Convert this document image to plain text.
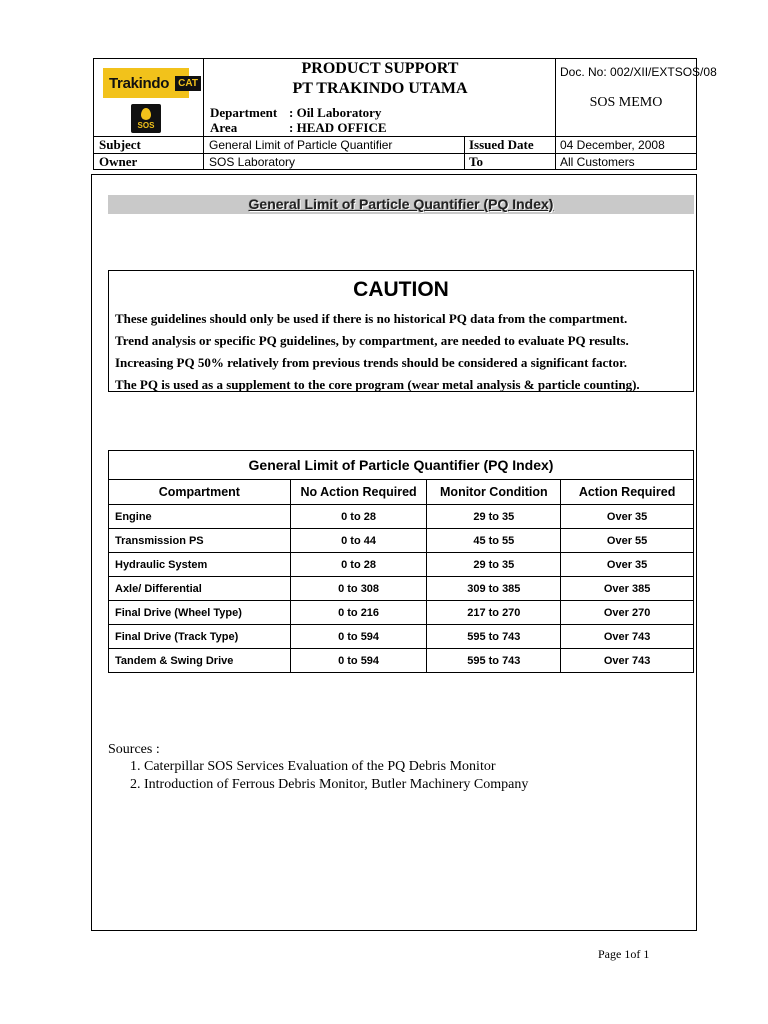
Trakindo CAT
SOS
PRODUCT SUPPORT
PT TRAKINDO UTAMA
Department : Oil Laboratory
Area	: HEAD OFFICE
Doc. No: 002/XII/EXTSOS/08
SOS MEMO
Subject	General Limit of Particle Quantifier	Issued Date 04 December, 2008
Owner	SOS Laboratory	To	All Customers
General Limit of Particle Quantifier (PQ Index)
CAUTION
These guidelines should only be used if there is no historical PQ data from the compartment.
Trend analysis or specific PQ guidelines, by compartment, are needed to evaluate PQ results.
Increasing PQ 50% relatively from previous trends should be considered a significant factor.
The PQ is used as a supplement to the core program (wear metal analysis & particle counting).
General Limit of Particle Quantifier (PQ Index)			
Compartment	No Action Required	Monitor Condition	Action Required
Engine	0 to 28	29 to 35	Over 35
Transmission PS	0 to 44	45 to 55	Over 55
Hydraulic System	0 to 28	29 to 35	Over 35
Axle/ Differential	0 to 308	309 to 385	Over 385
Final Drive (Wheel Type)	0 to 216	217 to 270	Over 270
Final Drive (Track Type)	0 to 594	595 to 743	Over 743
Tandem & Swing Drive	0 to 594	595 to 743	Over 743
Sources :
1. Caterpillar SOS Services Evaluation of the PQ Debris Monitor
2. Introduction of Ferrous Debris Monitor, Butler Machinery Company
Page 1of 1
